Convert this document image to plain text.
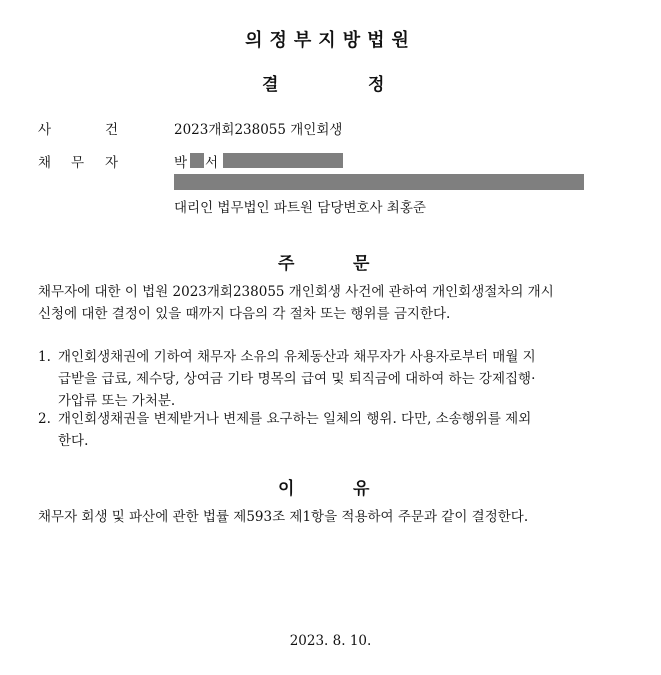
의정부지방법원
결	정
사	건	2023개회238055 개인회생
채 무 자	박 서
대리인 법무법인 파트원 담당변호사 최홍준
주	문
채무자에 대한 이 법원 2023개회238055 개인회생 사건에 관하여 개인회생절차의 개시
신청에 대한 결정이 있을 때까지 다음의 각 절차 또는 행위를 금지한다.
1. 개인회생채권에 기하여 채무자 소유의 유체동산과 채무자가 사용자로부터 매월 지
급받을 급료, 제수당, 상여금 기타 명목의 급여 및 퇴직금에 대하여 하는 강제집행·
가압류 또는 가처분.
2. 개인회생채권을 변제받거나 변제를 요구하는 일체의 행위. 다만, 소송행위를 제외
한다.
이	유
채무자 회생 및 파산에 관한 법률 제593조 제1항을 적용하여 주문과 같이 결정한다.
2023. 8. 10.
